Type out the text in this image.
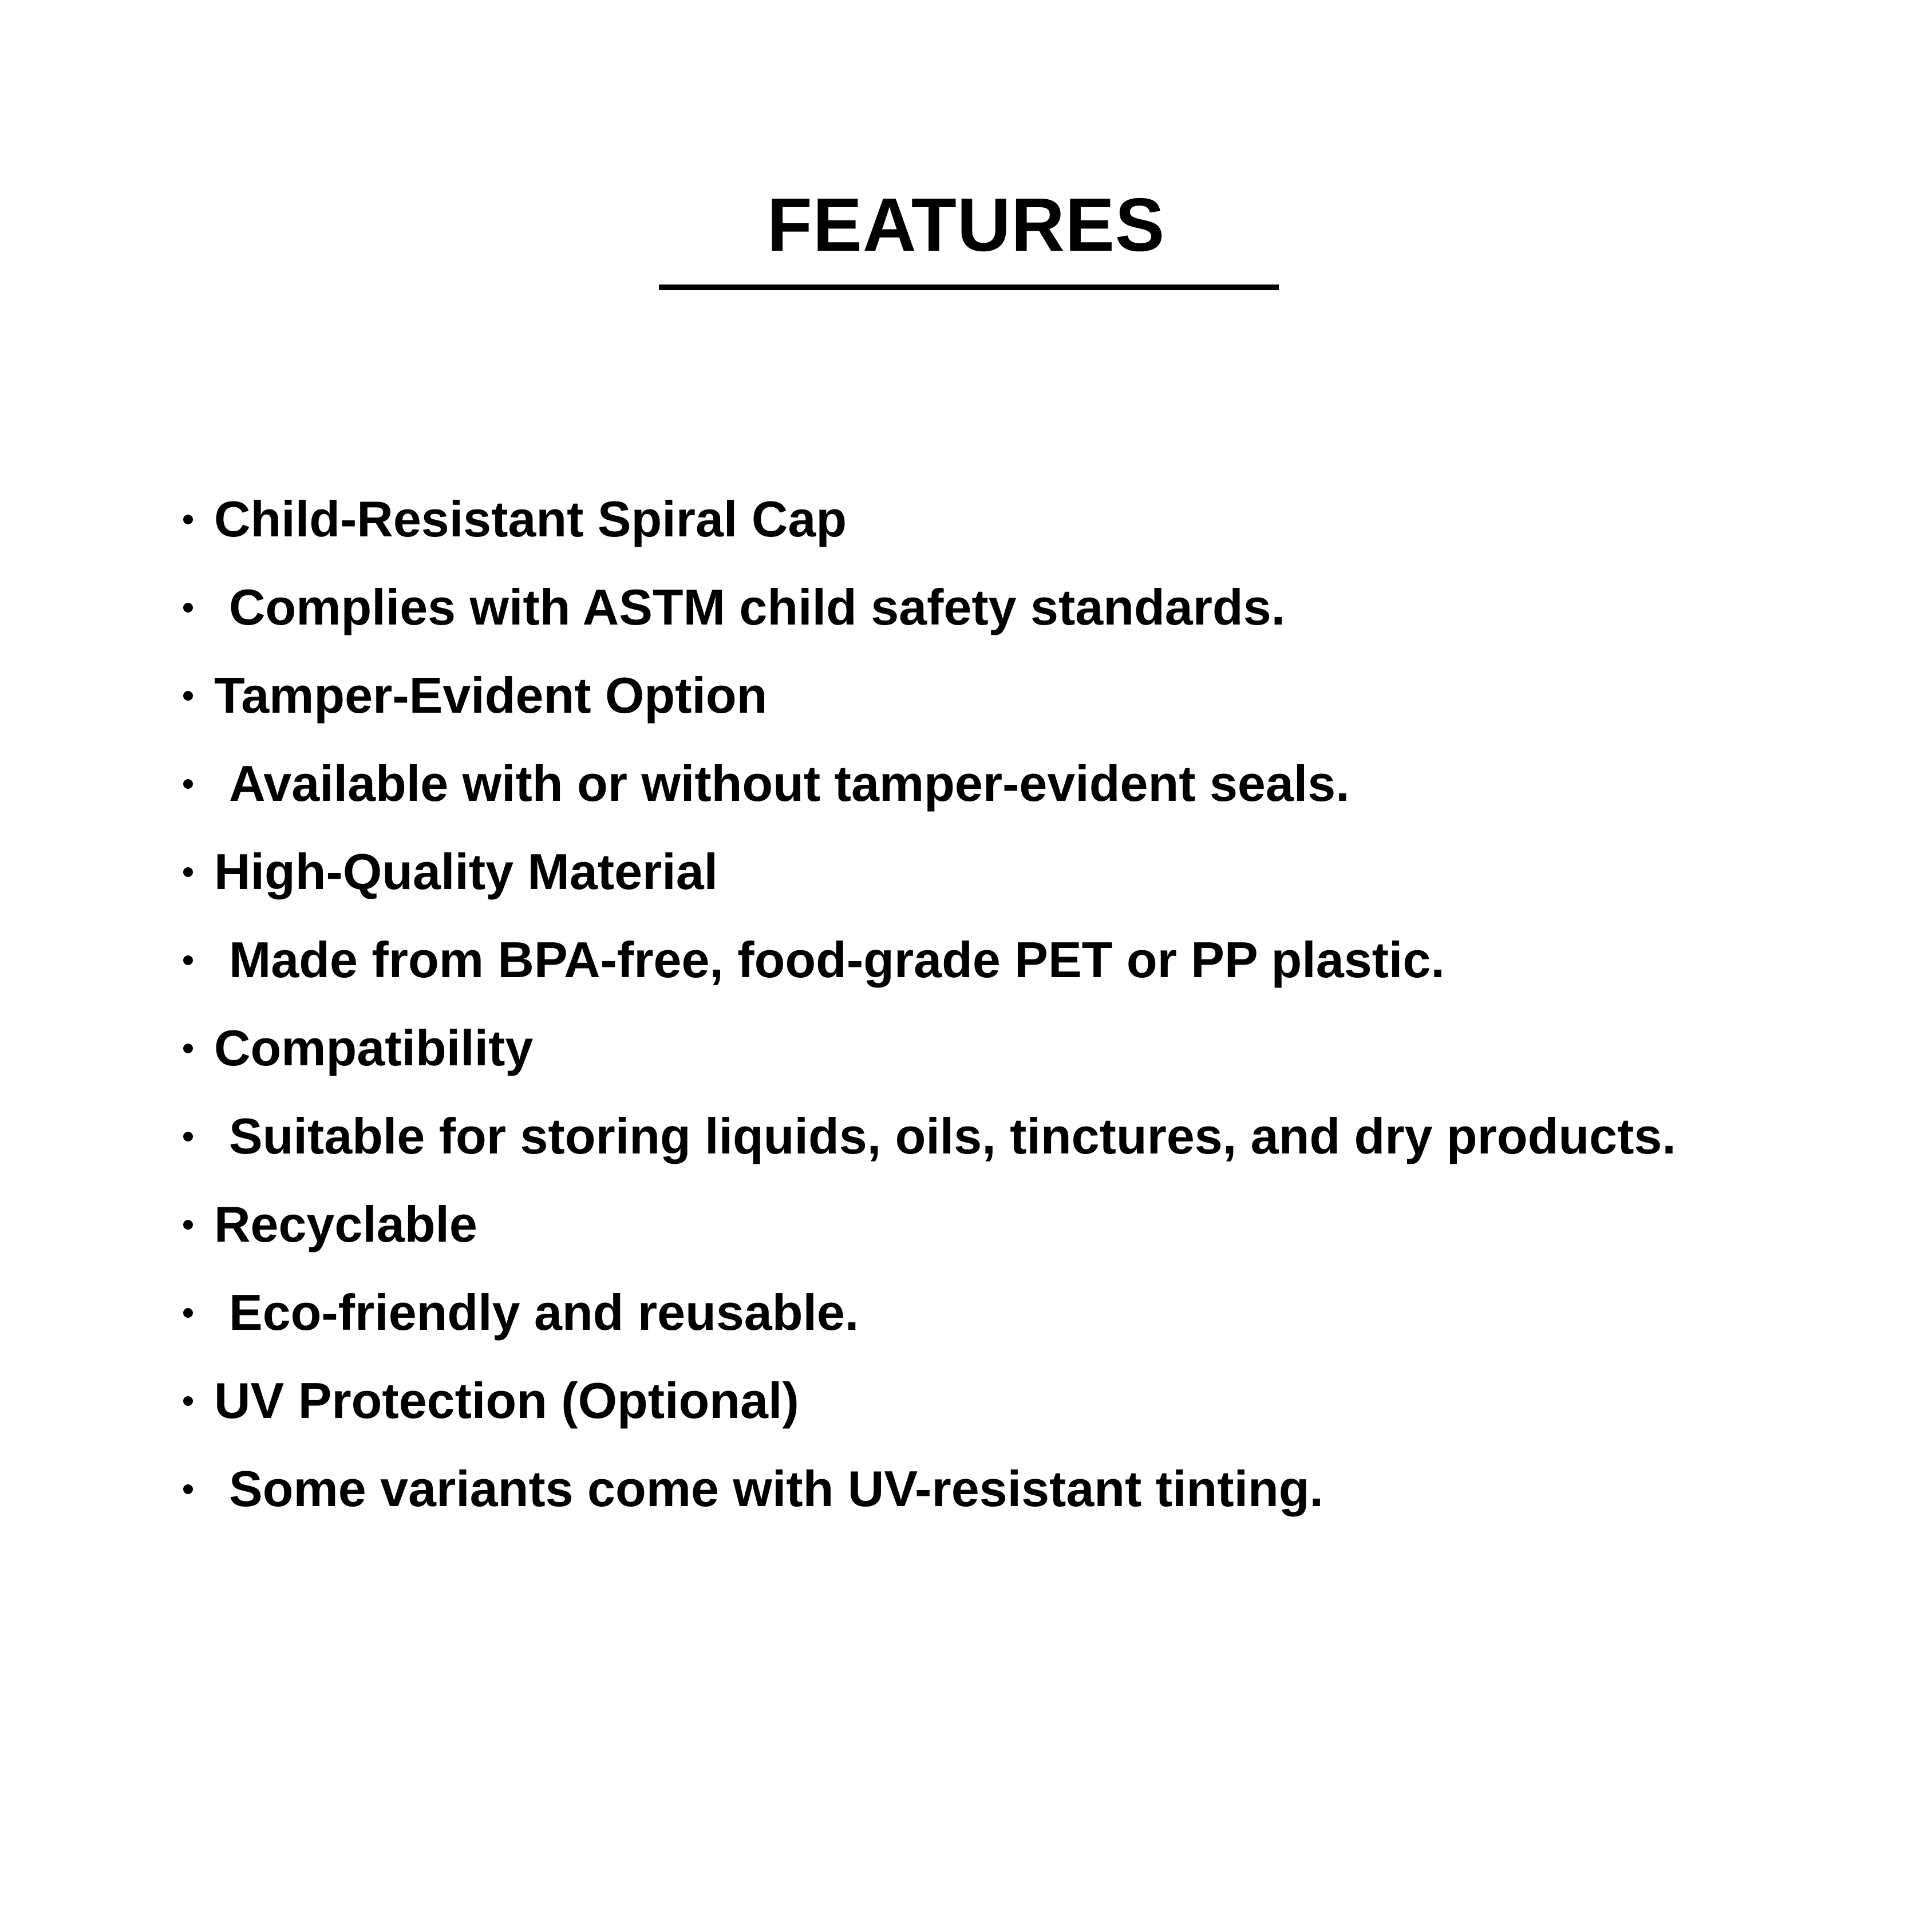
FEATURES
Child-Resistant Spiral Cap
Complies with ASTM child safety standards.
Tamper-Evident Option
Available with or without tamper-evident seals.
High-Quality Material
Made from BPA-free, food-grade PET or PP plastic.
Compatibility
Suitable for storing liquids, oils, tinctures, and dry products.
Recyclable
Eco-friendly and reusable.
UV Protection (Optional)
Some variants come with UV-resistant tinting.
